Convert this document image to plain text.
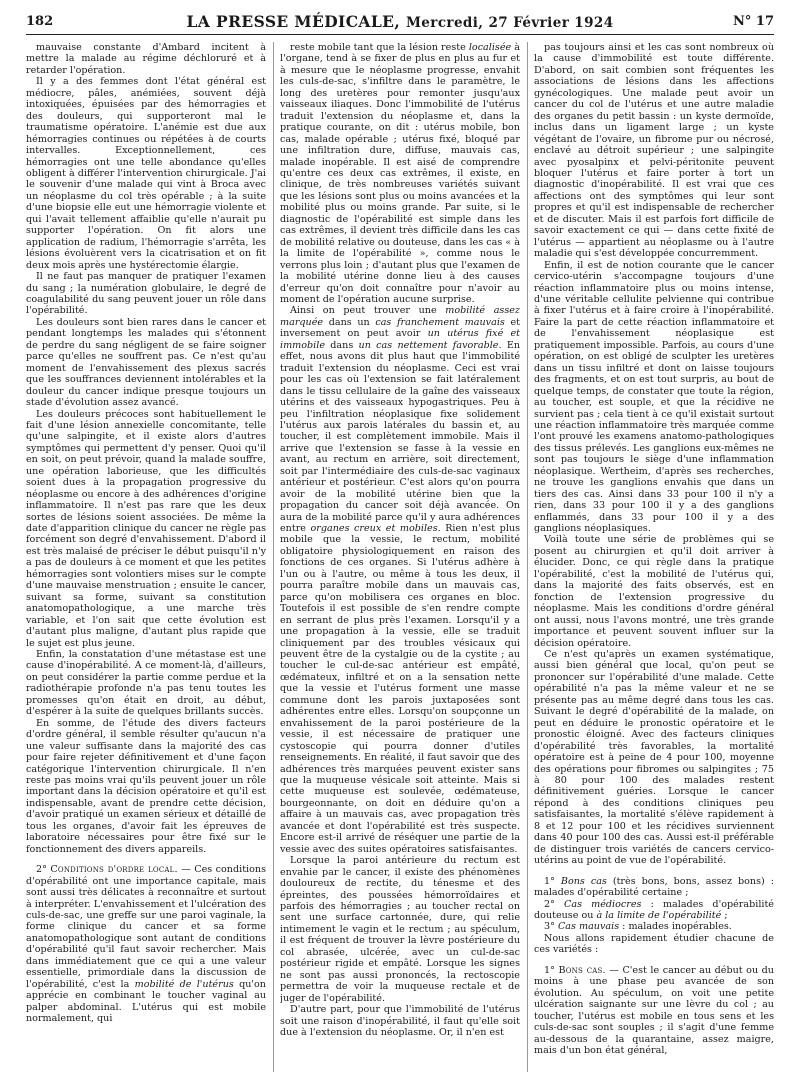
182	LA PRESSE MÉDICALE, Mercredi, 27 Février 1924	N° 17

mauvaise constante d'Ambard incitent à mettre la malade au régime déchloruré et à retarder l'opération.

Il y a des femmes dont l'état général est médiocre, pâles, anémiées, souvent déjà intoxiquées, épuisées par des hémorragies et des douleurs, qui supporteront mal le traumatisme opératoire. L'anémie est due aux hémorragies continues ou répétées à de courts intervalles. Exceptionnellement, ces hémorragies ont une telle abondance qu'elles obligent à différer l'intervention chirurgicale. J'ai le souvenir d'une malade qui vint à Broca avec un néoplasme du col très opérable ; à la suite d'une biopsie elle eut une hémorragie violente et qui l'avait tellement affaiblie qu'elle n'aurait pu supporter l'opération. On fit alors une application de radium, l'hémorragie s'arrêta, les lésions évoluèrent vers la cicatrisation et on fit deux mois après une hystérectomie élargie.

Il ne faut pas manquer de pratiquer l'examen du sang ; la numération globulaire, le degré de coagulabilité du sang peuvent jouer un rôle dans l'opérabilité.

Les douleurs sont bien rares dans le cancer et pendant longtemps les malades qui s'étonnent de perdre du sang négligent de se faire soigner parce qu'elles ne souffrent pas. Ce n'est qu'au moment de l'envahissement des plexus sacrés que les souffrances deviennent intolérables et la douleur du cancer indique presque toujours un stade d'évolution assez avancé.

Les douleurs précoces sont habituellement le fait d'une lésion annexielle concomitante, telle qu'une salpingite, et il existe alors d'autres symptômes qui permettent d'y penser. Quoi qu'il en soit, on peut prévoir, quand la malade souffre, une opération laborieuse, que les difficultés soient dues à la propagation progressive du néoplasme ou encore à des adhérences d'origine inflammatoire. Il n'est pas rare que les deux sortes de lésions soient associées. De même la date d'apparition clinique du cancer ne règle pas forcément son degré d'envahissement. D'abord il est très malaisé de préciser le début puisqu'il n'y a pas de douleurs à ce moment et que les petites hémorragies sont volontiers mises sur le compte d'une mauvaise menstruation ; ensuite le cancer, suivant sa forme, suivant sa constitution anatomopathologique, a une marche très variable, et l'on sait que cette évolution est d'autant plus maligne, d'autant plus rapide que le sujet est plus jeune.

Enfin, la constatation d'une métastase est une cause d'inopérabilité. A ce moment-là, d'ailleurs, on peut considérer la partie comme perdue et la radiothérapie profonde n'a pas tenu toutes les promesses qu'on était en droit, au début, d'espérer à la suite de quelques brillants succès.

En somme, de l'étude des divers facteurs d'ordre général, il semble résulter qu'aucun n'a une valeur suffisante dans la majorité des cas pour faire rejeter définitivement et d'une façon catégorique l'intervention chirurgicale. Il n'en reste pas moins vrai qu'ils peuvent jouer un rôle important dans la décision opératoire et qu'il est indispensable, avant de prendre cette décision, d'avoir pratiqué un examen sérieux et détaillé de tous les organes, d'avoir fait les épreuves de laboratoire nécessaires pour être fixé sur le fonctionnement des divers appareils.

2° Conditions d'ordre local. — Ces conditions d'opérabilité ont une importance capitale, mais sont aussi très délicates à reconnaître et surtout à interpréter. L'envahissement et l'ulcération des culs-de-sac, une greffe sur une paroi vaginale, la forme clinique du cancer et sa forme anatomopathologique sont autant de conditions d'opérabilité qu'il faut savoir rechercher. Mais dans immédiatement que ce qui a une valeur essentielle, primordiale dans la discussion de l'opérabilité, c'est la mobilité de l'utérus qu'on apprécie en combinant le toucher vaginal au palper abdominal. L'utérus qui est mobile normalement, qui

reste mobile tant que la lésion reste localisée à l'organe, tend à se fixer de plus en plus au fur et à mesure que le néoplasme progresse, envahit les culs-de-sac, s'infiltre dans le paramètre, le long des uretères pour remonter jusqu'aux vaisseaux iliaques. Donc l'immobilité de l'utérus traduit l'extension du néoplasme et, dans la pratique courante, on dit : utérus mobile, bon cas, malade opérable ; utérus fixé, bloqué par une infiltration dure, diffuse, mauvais cas, malade inopérable. Il est aisé de comprendre qu'entre ces deux cas extrêmes, il existe, en clinique, de très nombreuses variétés suivant que les lésions sont plus ou moins avancées et la mobilité plus ou moins grande. Par suite, si le diagnostic de l'opérabilité est simple dans les cas extrêmes, il devient très difficile dans les cas de mobilité relative ou douteuse, dans les cas « à la limite de l'opérabilité », comme nous le verrons plus loin ; d'autant plus que l'examen de la mobilité utérine donne lieu à des causes d'erreur qu'on doit connaître pour n'avoir au moment de l'opération aucune surprise.

Ainsi on peut trouver une mobilité assez marquée dans un cas franchement mauvais et inversement on peut avoir un utérus fixé et immobile dans un cas nettement favorable. En effet, nous avons dit plus haut que l'immobilité traduit l'extension du néoplasme. Ceci est vrai pour les cas où l'extension se fait latéralement dans le tissu cellulaire de la gaîne des vaisseaux utérins et des vaisseaux hypogastriques. Peu à peu l'infiltration néoplasique fixe solidement l'utérus aux parois latérales du bassin et, au toucher, il est complètement immobile. Mais il arrive que l'extension se fasse à la vessie en avant, au rectum en arrière, soit directement, soit par l'intermédiaire des culs-de-sac vaginaux antérieur et postérieur. C'est alors qu'on pourra avoir de la mobilité utérine bien que la propagation du cancer soit déjà avancée. On aura de la mobilité parce qu'il y aura adhérences entre organes creux et mobiles. Rien n'est plus mobile que la vessie, le rectum, mobilité obligatoire physiologiquement en raison des fonctions de ces organes. Si l'utérus adhère à l'un ou à l'autre, ou même à tous les deux, il pourra paraître mobile dans un mauvais cas, parce qu'on mobilisera ces organes en bloc. Toutefois il est possible de s'en rendre compte en serrant de plus près l'examen. Lorsqu'il y a une propagation à la vessie, elle se traduit cliniquement par des troubles vésicaux qui peuvent être de la cystalgie ou de la cystite ; au toucher le cul-de-sac antérieur est empâté, œdémateux, infiltré et on a la sensation nette que la vessie et l'utérus forment une masse commune dont les parois juxtaposées sont adhérentes entre elles. Lorsqu'on soupçonne un envahissement de la paroi postérieure de la vessie, il est nécessaire de pratiquer une cystoscopie qui pourra donner d'utiles renseignements. En réalité, il faut savoir que des adhérences très marquées peuvent exister sans que la muqueuse vésicale soit atteinte. Mais si cette muqueuse est soulevée, œdémateuse, bourgeonnante, on doit en déduire qu'on a affaire à un mauvais cas, avec propagation très avancée et dont l'opérabilité est très suspecte. Encore est-il arrivé de réséquer une partie de la vessie avec des suites opératoires satisfaisantes.

Lorsque la paroi antérieure du rectum est envahie par le cancer, il existe des phénomènes douloureux de rectite, du ténesme et des épreintes, des poussées hémorroïdaires et parfois des hémorragies ; au toucher rectal on sent une surface cartonnée, dure, qui relie intimement le vagin et le rectum ; au spéculum, il est fréquent de trouver la lèvre postérieure du col abrasée, ulcérée, avec un cul-de-sac postérieur rigide et empâté. Lorsque les signes ne sont pas aussi prononcés, la rectoscopie permettra de voir la muqueuse rectale et de juger de l'opérabilité.

D'autre part, pour que l'immobilité de l'utérus soit une raison d'inopérabilité, il faut qu'elle soit due à l'extension du néoplasme. Or, il n'en est

pas toujours ainsi et les cas sont nombreux où la cause d'immobilité est toute différente. D'abord, on sait combien sont fréquentes les associations de lésions dans les affections gynécologiques. Une malade peut avoir un cancer du col de l'utérus et une autre maladie des organes du petit bassin : un kyste dermoïde, inclus dans un ligament large ; un kyste végétant de l'ovaire, un fibrome pur ou nécrosé, enclavé au détroit supérieur ; une salpingite avec pyosalpinx et pelvi-péritonite peuvent bloquer l'utérus et faire porter à tort un diagnostic d'inopérabilité. Il est vrai que ces affections ont des symptômes qui leur sont propres et qu'il est indispensable de rechercher et de discuter. Mais il est parfois fort difficile de savoir exactement ce qui — dans cette fixité de l'utérus — appartient au néoplasme ou à l'autre maladie qui s'est développée concurremment.

Enfin, il est de notion courante que le cancer cervico-utérin s'accompagne toujours d'une réaction inflammatoire plus ou moins intense, d'une véritable cellulite pelvienne qui contribue à fixer l'utérus et à faire croire à l'inopérabilité. Faire la part de cette réaction inflammatoire et de l'envahissement néoplasique est pratiquement impossible. Parfois, au cours d'une opération, on est obligé de sculpter les uretères dans un tissu infiltré et dont on laisse toujours des fragments, et on est tout surpris, au bout de quelque temps, de constater que toute la région, au toucher, est souple, et que la récidive ne survient pas ; cela tient à ce qu'il existait surtout une réaction inflammatoire très marquée comme l'ont prouvé les examens anatomo-pathologiques des tissus prélevés. Les ganglions eux-mêmes ne sont pas toujours le siège d'une inflammation néoplasique. Wertheim, d'après ses recherches, ne trouve les ganglions envahis que dans un tiers des cas. Ainsi dans 33 pour 100 il n'y a rien, dans 33 pour 100 il y a des ganglions enflammés, dans 33 pour 100 il y a des ganglions néoplasiques.

Voilà toute une série de problèmes qui se posent au chirurgien et qu'il doit arriver à élucider. Donc, ce qui règle dans la pratique l'opérabilité, c'est la mobilité de l'utérus qui, dans la majorité des faits observés, est en fonction de l'extension progressive du néoplasme. Mais les conditions d'ordre général ont aussi, nous l'avons montré, une très grande importance et peuvent souvent influer sur la décision opératoire.

Ce n'est qu'après un examen systématique, aussi bien général que local, qu'on peut se prononcer sur l'opérabilité d'une malade. Cette opérabilité n'a pas la même valeur et ne se présente pas au même degré dans tous les cas. Suivant le degré d'opérabilité de la malade, on peut en déduire le pronostic opératoire et le pronostic éloigné. Avec des facteurs cliniques d'opérabilité très favorables, la mortalité opératoire est à peine de 4 pour 100, moyenne des opérations pour fibromes ou salpingites ; 75 à 80 pour 100 des malades restent définitivement guéries. Lorsque le cancer répond à des conditions cliniques peu satisfaisantes, la mortalité s'élève rapidement à 8 et 12 pour 100 et les récidives surviennent dans 40 pour 100 des cas. Aussi est-il préférable de distinguer trois variétés de cancers cervico-utérins au point de vue de l'opérabilité.

1° Bons cas (très bons, bons, assez bons) : malades d'opérabilité certaine ;

2° Cas médiocres : malades d'opérabilité douteuse ou à la limite de l'opérabilité ;

3° Cas mauvais : malades inopérables.

Nous allons rapidement étudier chacune de ces variétés :

1° Bons cas. — C'est le cancer au début ou du moins à une phase peu avancée de son évolution. Au spéculum, on voit une petite ulcération saignante sur une lèvre du col ; au toucher, l'utérus est mobile en tous sens et les culs-de-sac sont souples ; il s'agit d'une femme au-dessous de la quarantaine, assez maigre, mais d'un bon état général,
